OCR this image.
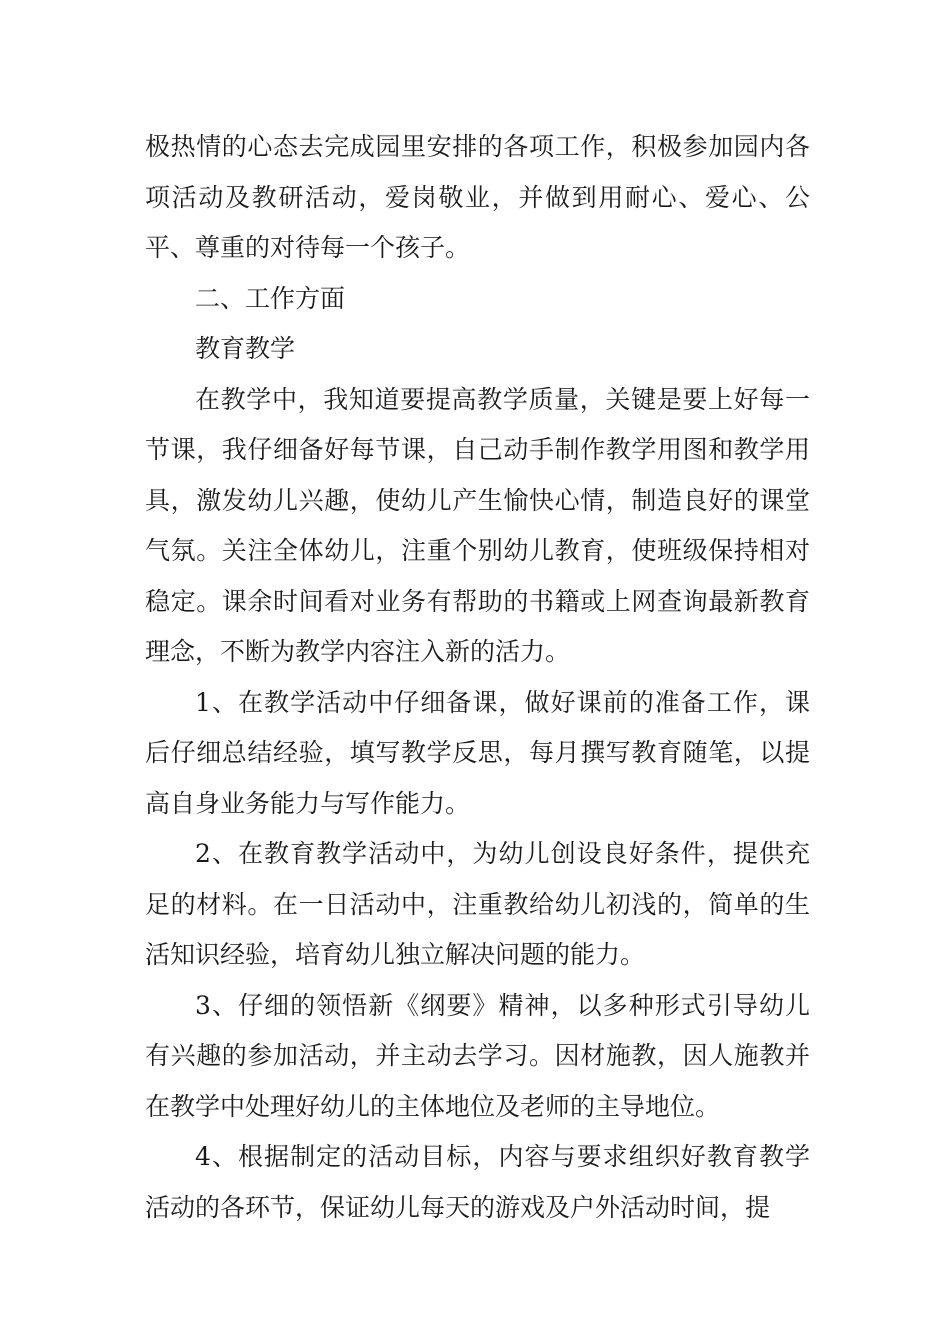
极热情的心态去完成园里安排的各项工作，积极参加园内各项活动及教研活动，爱岗敬业，并做到用耐心、爱心、公平、尊重的对待每一个孩子。

二、工作方面

教育教学

在教学中，我知道要提高教学质量，关键是要上好每一节课，我仔细备好每节课，自己动手制作教学用图和教学用具，激发幼儿兴趣，使幼儿产生愉快心情，制造良好的课堂气氛。关注全体幼儿，注重个别幼儿教育，使班级保持相对稳定。课余时间看对业务有帮助的书籍或上网查询最新教育理念，不断为教学内容注入新的活力。

1、在教学活动中仔细备课，做好课前的准备工作，课后仔细总结经验，填写教学反思，每月撰写教育随笔，以提高自身业务能力与写作能力。

2、在教育教学活动中，为幼儿创设良好条件，提供充足的材料。在一日活动中，注重教给幼儿初浅的，简单的生活知识经验，培育幼儿独立解决问题的能力。

3、仔细的领悟新《纲要》精神，以多种形式引导幼儿有兴趣的参加活动，并主动去学习。因材施教，因人施教并在教学中处理好幼儿的主体地位及老师的主导地位。

4、根据制定的活动目标，内容与要求组织好教育教学活动的各环节，保证幼儿每天的游戏及户外活动时间，提
